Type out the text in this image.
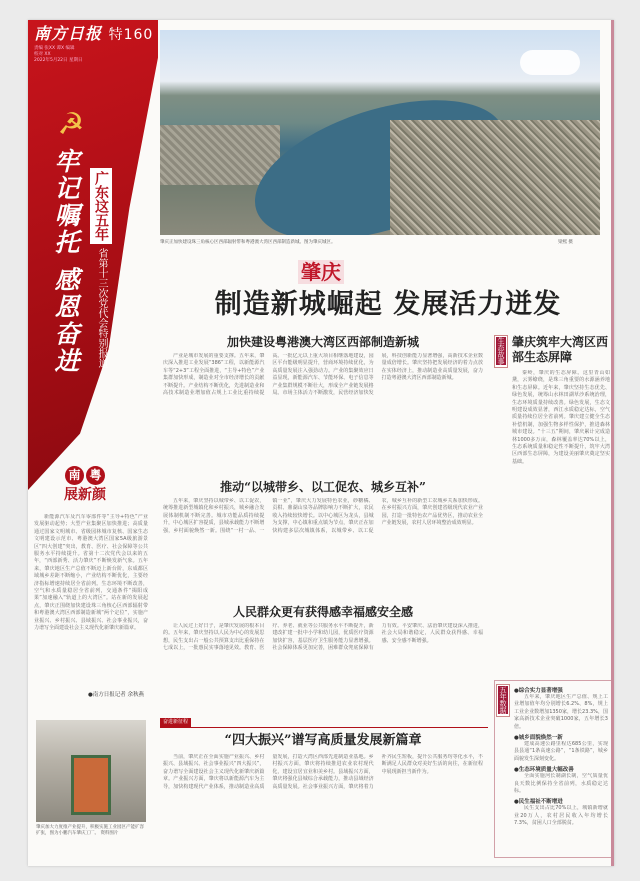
南方日报 特160
责编 张XX 谭X 编辑
校对 XX
2022年5月22日 星期日
☭
牢记嘱托 感恩奋进 广东这五年
省第十三次党代会特别报道
南 粤
展新颜
新能源汽车及汽车零部件等“主导+特色”产业发展驱动起势；大型产业集聚区加快推进；高质量通过国家文明城市、省级园林城市复核、国家生态文明建设示范市、粤港澳大湾区国家5A级旅游景区“四大创建”突出，教育、医疗、社会保障等公共服务水平持续提升。省第十二次党代会以来的五年，“西部新秀、活力肇庆”不断焕发新气象。五年来，肇庆地区生产总值不断迈上新台阶，东成都区域城乡差距不断缩小，产业结构不断优化，主要经济指标增速持续居全省前列。生态环境不断改善，空气和水质量稳居全省前列，交通条件“揭阳成果”加速融入“轨道上的大湾区”。站在新的发展起点，肇庆正围绕加快建设珠三角核心区西部辐射带和粤港澳大湾区西部制造新城“两个定位”，实施产业振兴、乡村振兴、县域振兴、社会事业振兴，奋力谱写全面建设社会主义现代化新肇庆新篇章。
●南方日报记者 余秋燕
肇庆加大力度推产业提升，积极实施工业园区产能扩容扩张，图为小鹏汽车肇庆工厂。 资料图片
肇庆正加快建设珠三角核心区西部辐射带和粤港澳大湾区西部制造新城。图为肇庆城区。	梁熙 摄
肇庆
制造新城崛起 发展活力迸发
加快建设粤港澳大湾区西部制造新城
产业是城市发展的重要支撑。五年来，肇庆深入推进工业发展“386”工程，以新能源汽车等“2+3”工程全面推进，“主导+特色”产业集群加快形成，制造业对全市经济增长的贡献不断提升。产业结构不断优化，先进制造业和高技术制造业增加值占规上工业比重持续提高。一批亿元以上重大项目相继落地建设，园区平台能级明显提升，营商环境持续优化，为高质量发展注入强劲动力。产业的集聚效应日益显现，新能源汽车、节能环保、电子信息等产业集群规模不断壮大，形成全产业链发展格局。市场主体活力不断激发，民营经济加快发展，科技创新能力显著增强，高新技术企业数量成倍增长。肇庆坚持把发展经济的着力点放在实体经济上，推动制造业高质量发展，奋力打造粤港澳大湾区西部制造新城。
推动“以城带乡、以工促农、城乡互补”
五年来，肇庆坚持以城带乡、以工促农，统筹推进新型城镇化和乡村振兴，城乡融合发展体制机制不断完善。城市功能品质持续提升，中心城区扩容提质，县城承载能力不断增强，乡村面貌焕然一新。围绕“一村一品、一镇一业”，肇庆大力发展特色农业，砂糖橘、贡柑、鼎湖山泉等品牌影响力不断扩大，农民收入持续较快增长。以中心城区为龙头，县城为支撑，中心镇和重点镇为节点，肇庆正在加快构建多层次城镇体系，以城带乡、以工促农，城乡互补的新型工农城乡关系加快形成。在乡村振兴方面，肇庆创建省级现代农业产业园，打造一批特色农产品优势区，推动农业全产业链发展，农村人居环境整治成效明显。
人民群众更有获得感幸福感安全感
让人民过上好日子，是肇庆发展的根本目的。五年来，肇庆坚持以人民为中心的发展思想，民生支出占一般公共预算支出比重保持在七成以上，一批惠民实事落地见效。教育、医疗、养老、就业等公共服务水平不断提升，新建改扩建一批中小学和幼儿园，优质医疗资源加快扩容，基层医疗卫生服务能力显著增强。社会保障体系更加完善，困难群众兜底保障有力有效。平安肇庆、法治肇庆建设深入推进，社会大局和谐稳定，人民群众获得感、幸福感、安全感不断增强。
奋进新征程
“四大振兴”谱写高质量发展新篇章
当前，肇庆正在全面实施产业振兴、乡村振兴、县域振兴、社会事业振兴“四大振兴”，奋力谱写全面建设社会主义现代化新肇庆新篇章。产业振兴方面，肇庆将以新能源汽车为主导，加快构建现代产业体系，推动制造业高质量发展，打造大湾区西部先进制造业基地。乡村振兴方面，肇庆将持续推进农业农村现代化，建设宜居宜业和美乡村。县域振兴方面，肇庆将强化县城综合承载能力，推动县域经济高质量发展。社会事业振兴方面，肇庆将着力补齐民生短板，提升公共服务均等化水平，不断满足人民群众对美好生活的向往，在新征程中展现新担当新作为。
生态故事 肇庆筑牢大湾区西部生态屏障
秦岭，肇庆的生态屏障。这里青山如黛，云雾缭绕，是珠三角重要的水源涵养地和生态屏障。近年来，肇庆坚持生态优先、绿色发展，统筹山水林田湖草沙系统治理，生态环境质量持续改善。绿色发展，生态文明建设成效显著，西江水质稳定达标，空气质量持续位居全省前列。肇庆建立健全生态补偿机制，加强生物多样性保护，推进森林城市建设。“十三五”期间，肇庆累计完成造林1000多万亩，森林覆盖率达70%以上，生态系统质量和稳定性不断提升，筑牢大湾区西部生态屏障，为建设美丽肇庆奠定坚实基础。
五年数据 ●综合实力显著增强
五年来，肇庆地区生产总值、规上工业增加值年均分别增长6.2%、8%，规上工业企业数增加1350家，增长23.3%，国家高新技术企业突破1000家，五年增长3倍。
●城乡面貌焕然一新
建成高速公路里程达685公里，实现县县通“1条高速公路”，“1条铁路”，城乡面貌发生深刻变化。
●生态环境质量大幅改善
全面实施河长制湖长制，空气质量优良天数比例保持全省前列，水质稳定达标。
●民生福祉不断增进
民生支出占比70%以上，城镇新增就业20万人，农村居民收入年均增长7.3%，贫困人口全部脱贫。
